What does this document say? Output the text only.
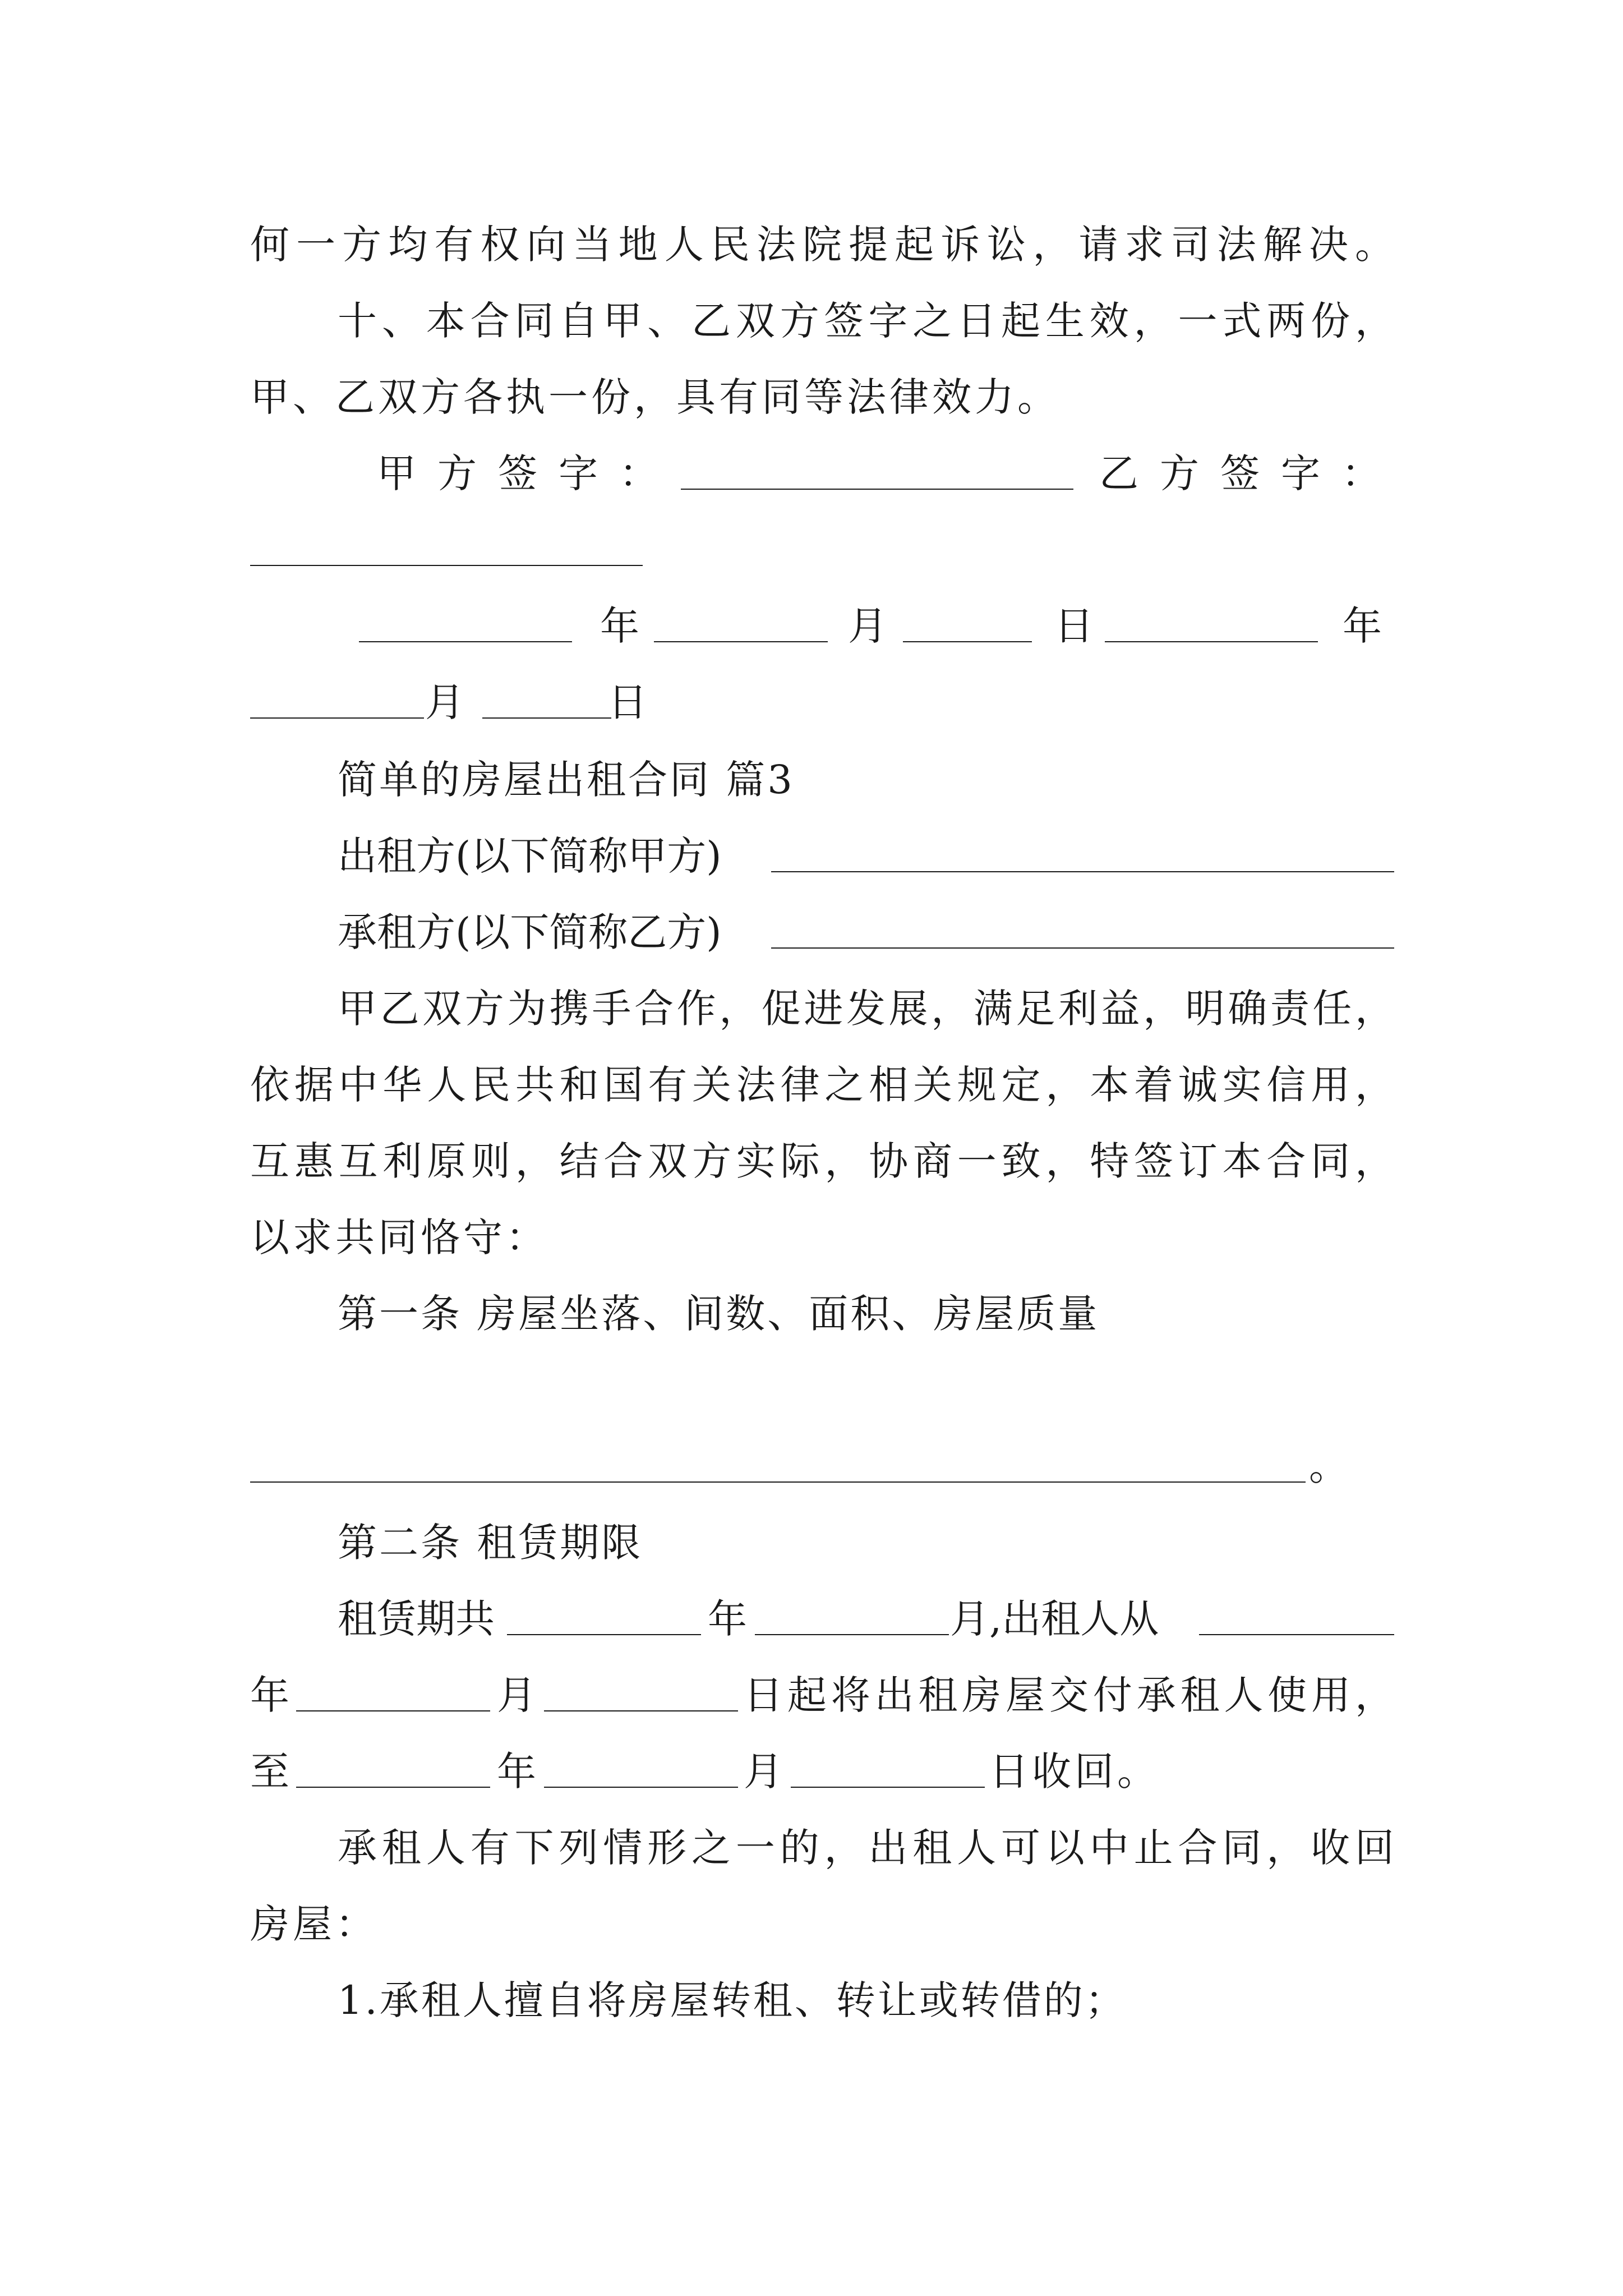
何一方均有权向当地人民法院提起诉讼，请求司法解决。
十、本合同自甲、乙双方签字之日起生效，一式两份，
甲、乙双方各执一份，具有同等法律效力。
甲方签字：	乙方签字：
年	月	日	年
月	日
简单的房屋出租合同 篇3
出租方(以下简称甲方)
承租方(以下简称乙方)
甲乙双方为携手合作，促进发展，满足利益，明确责任，
依据中华人民共和国有关法律之相关规定，本着诚实信用，
互惠互利原则，结合双方实际，协商一致，特签订本合同，
以求共同恪守：
第一条 房屋坐落、间数、面积、房屋质量
。
第二条 租赁期限
租赁期共	年	月,出租人从
年	月	日起将出租房屋交付承租人使用，
至	年	月	日收回。
承租人有下列情形之一的，出租人可以中止合同，收回
房屋：
1.承租人擅自将房屋转租、转让或转借的；
